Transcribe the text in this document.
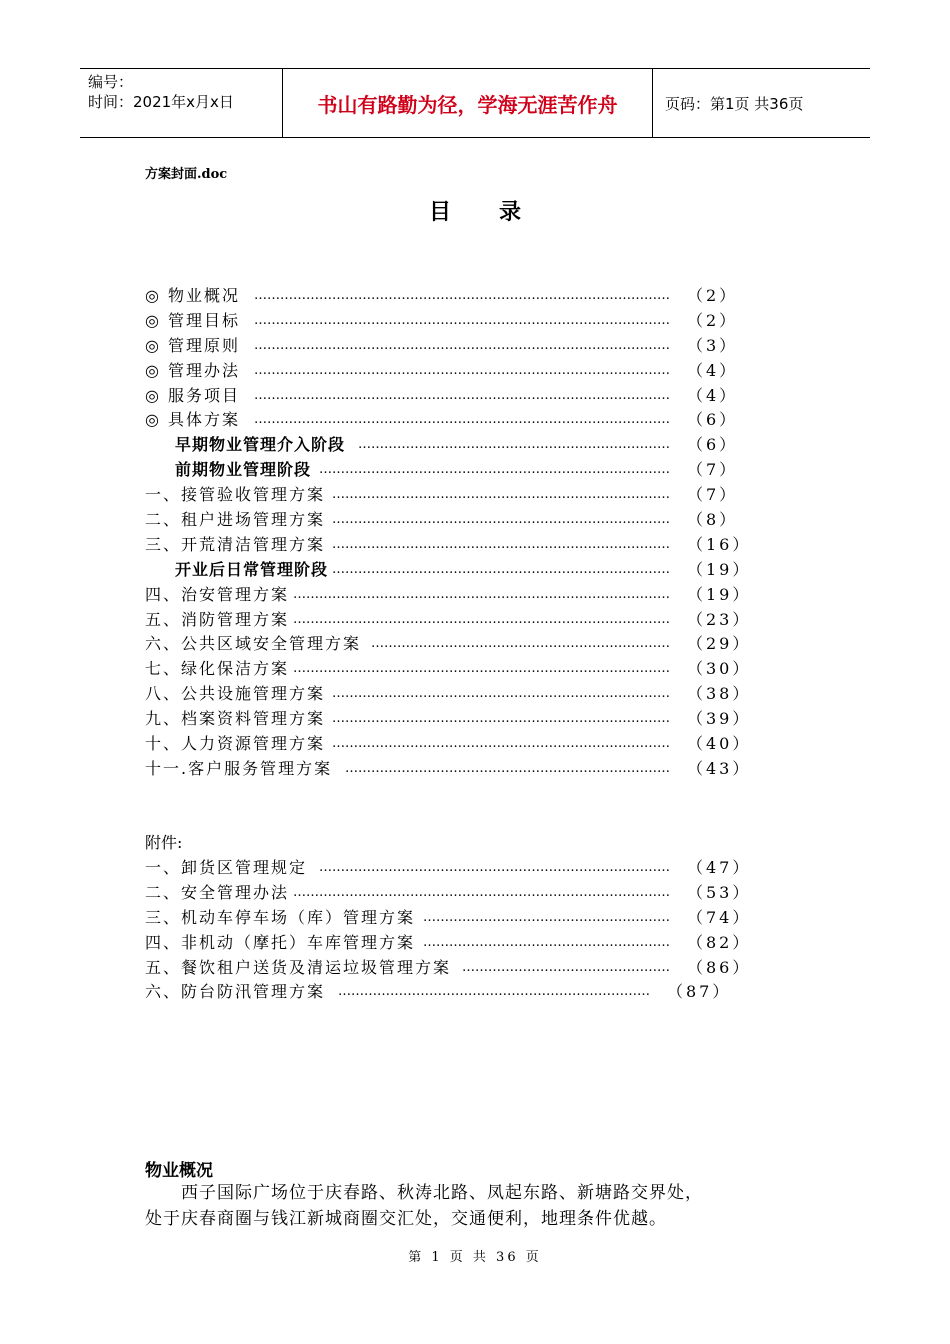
编号：
时间：2021年x月x日	书山有路勤为径，学海无涯苦作舟	页码：第1页 共36页
方案封面.doc
目录
◎ 物业概况 …………………………………………………………………………………… （2）
◎ 管理目标 …………………………………………………………………………………… （2）
◎ 管理原则 …………………………………………………………………………………… （3）
◎ 管理办法 …………………………………………………………………………………… （4）
◎ 服务项目 …………………………………………………………………………………… （4）
◎ 具体方案 …………………………………………………………………………………… （6）
早期物业管理介入阶段 ……………………………………………………………… （6）
前期物业管理阶段 ……………………………………………………………………… （7）
一、接管验收管理方案 …………………………………………………………………… （7）
二、租户进场管理方案 …………………………………………………………………… （8）
三、开荒清洁管理方案 …………………………………………………………………… （16）
开业后日常管理阶段 …………………………………………………………………… （19）
四、治安管理方案 …………………………………………………………………………… （19）
五、消防管理方案 …………………………………………………………………………… （23）
六、公共区域安全管理方案 …………………………………………………………… （29）
七、绿化保洁方案 …………………………………………………………………………… （30）
八、公共设施管理方案 …………………………………………………………………… （38）
九、档案资料管理方案 …………………………………………………………………… （39）
十、人力资源管理方案 …………………………………………………………………… （40）
十一.客户服务管理方案 ………………………………………………………………… （43）
附件:
一、卸货区管理规定 ……………………………………………………………………… （47）
二、安全管理办法 …………………………………………………………………………… （53）
三、机动车停车场（库）管理方案 ………………………………………………… （74）
四、非机动（摩托）车库管理方案 ………………………………………………… （82）
五、餐饮租户送货及清运垃圾管理方案 ………………………………………… （86）
六、防台防汛管理方案 ……………………………………………………………… （87）
物业概况

　　西子国际广场位于庆春路、秋涛北路、凤起东路、新塘路交界处，

处于庆春商圈与钱江新城商圈交汇处，交通便利，地理条件优越。

第 1 页 共 36 页
